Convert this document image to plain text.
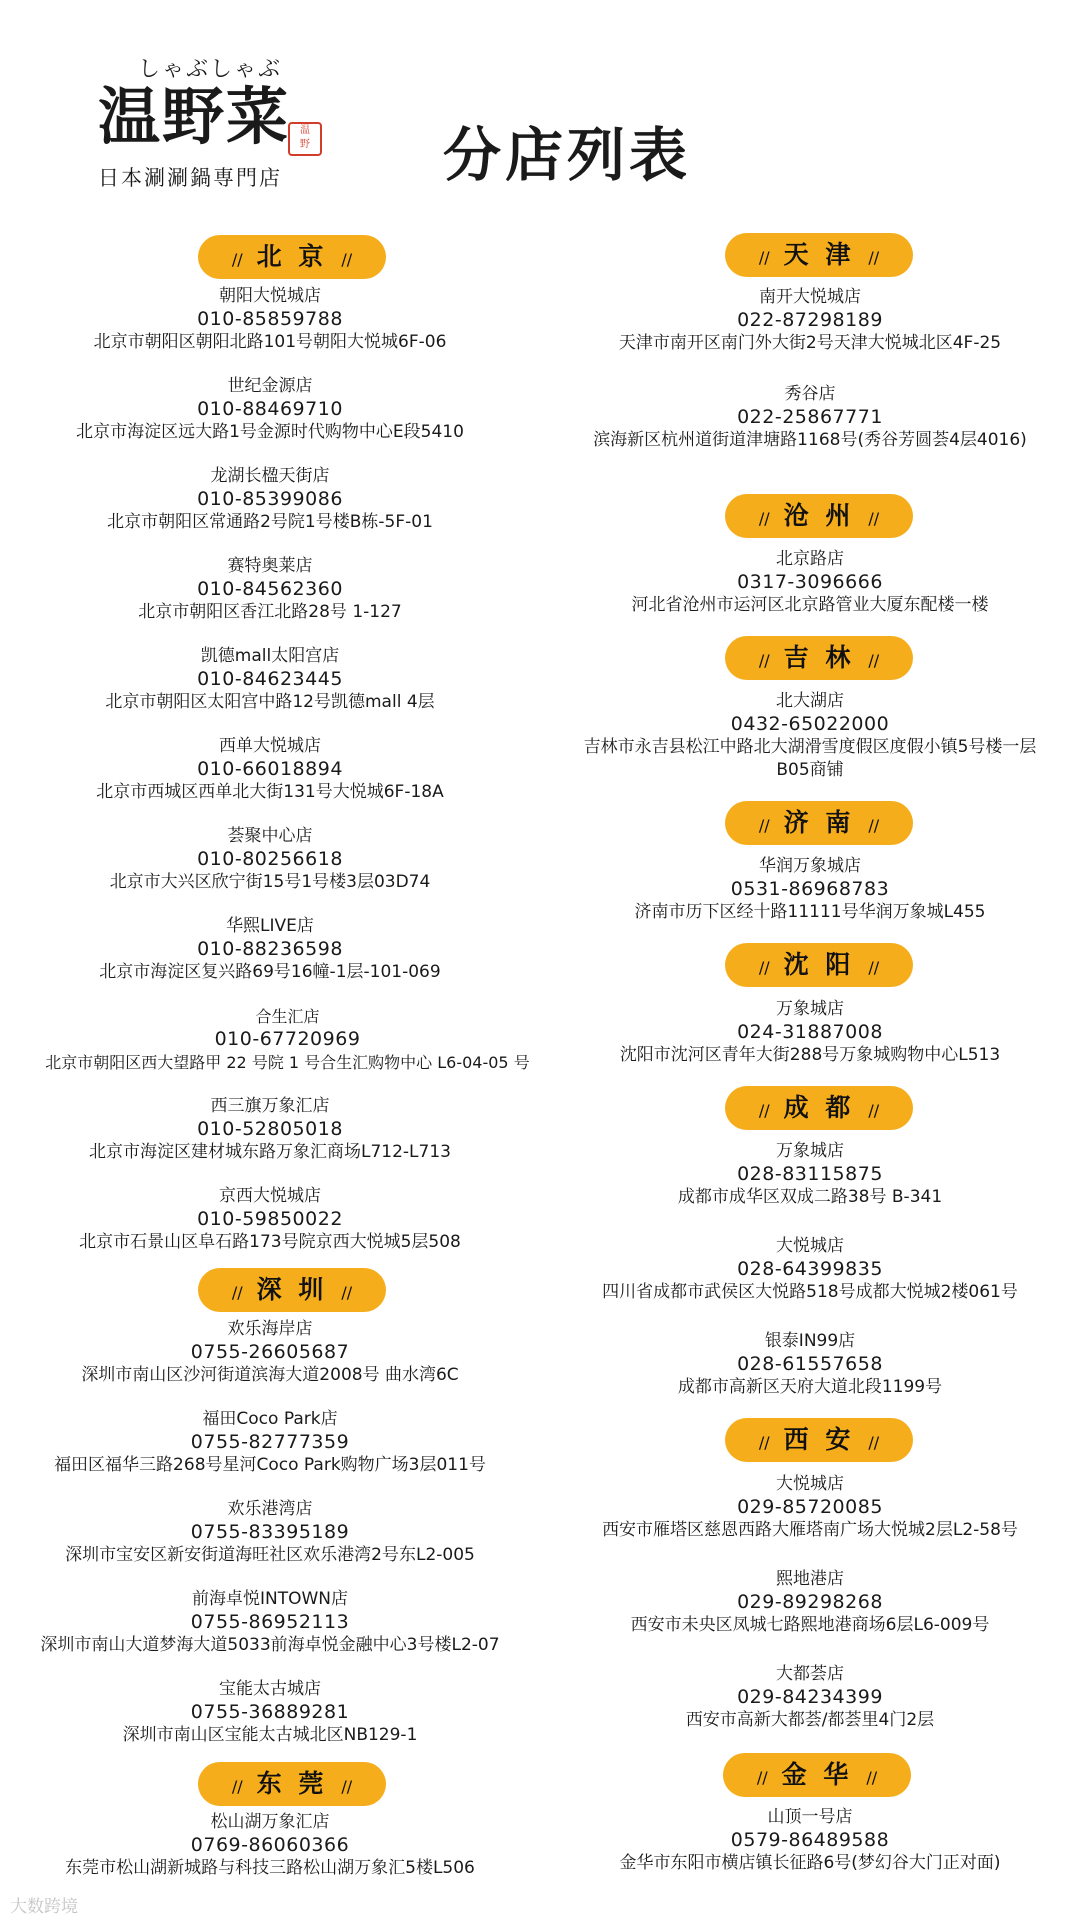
しゃぶしゃぶ
温野菜 温
野
日本涮涮鍋専門店	分店列表
// 北 京 //
朝阳大悦城店
010-85859788
北京市朝阳区朝阳北路101号朝阳大悦城6F-06
世纪金源店
010-88469710
北京市海淀区远大路1号金源时代购物中心E段5410
龙湖长楹天街店
010-85399086
北京市朝阳区常通路2号院1号楼B栋-5F-01
赛特奥莱店
010-84562360
北京市朝阳区香江北路28号 1-127
凯德mall太阳宫店
010-84623445
北京市朝阳区太阳宫中路12号凯德mall 4层
西单大悦城店
010-66018894
北京市西城区西单北大街131号大悦城6F-18A
荟聚中心店
010-80256618
北京市大兴区欣宁街15号1号楼3层03D74
华熙LIVE店
010-88236598
北京市海淀区复兴路69号16幢-1层-101-069
合生汇店
010-67720969
北京市朝阳区西大望路甲 22 号院 1 号合生汇购物中心 L6-04-05 号
西三旗万象汇店
010-52805018
北京市海淀区建材城东路万象汇商场L712-L713
京西大悦城店
010-59850022
北京市石景山区阜石路173号院京西大悦城5层508
// 深 圳 //
欢乐海岸店
0755-26605687
深圳市南山区沙河街道滨海大道2008号 曲水湾6C
福田Coco Park店
0755-82777359
福田区福华三路268号星河Coco Park购物广场3层011号
欢乐港湾店
0755-83395189
深圳市宝安区新安街道海旺社区欢乐港湾2号东L2-005
前海卓悦INTOWN店
0755-86952113
深圳市南山大道梦海大道5033前海卓悦金融中心3号楼L2-07
宝能太古城店
0755-36889281
深圳市南山区宝能太古城北区NB129-1
// 东 莞 //
松山湖万象汇店
0769-86060366
东莞市松山湖新城路与科技三路松山湖万象汇5楼L506
// 天 津 //
南开大悦城店
022-87298189
天津市南开区南门外大街2号天津大悦城北区4F-25
秀谷店
022-25867771
滨海新区杭州道街道津塘路1168号(秀谷芳圆荟4层4016)
// 沧 州 //
北京路店
0317-3096666
河北省沧州市运河区北京路管业大厦东配楼一楼
// 吉 林 //
北大湖店
0432-65022000
吉林市永吉县松江中路北大湖滑雪度假区度假小镇5号楼一层
B05商铺
// 济 南 //
华润万象城店
0531-86968783
济南市历下区经十路11111号华润万象城L455
// 沈 阳 //
万象城店
024-31887008
沈阳市沈河区青年大街288号万象城购物中心L513
// 成 都 //
万象城店
028-83115875
成都市成华区双成二路38号 B-341
大悦城店
028-64399835
四川省成都市武侯区大悦路518号成都大悦城2楼061号
银泰IN99店
028-61557658
成都市高新区天府大道北段1199号
// 西 安 //
大悦城店
029-85720085
西安市雁塔区慈恩西路大雁塔南广场大悦城2层L2-58号
熙地港店
029-89298268
西安市未央区凤城七路熙地港商场6层L6-009号
大都荟店
029-84234399
西安市高新大都荟/都荟里4门2层
// 金 华 //
山顶一号店
0579-86489588
金华市东阳市横店镇长征路6号(梦幻谷大门正对面)
大数跨境
